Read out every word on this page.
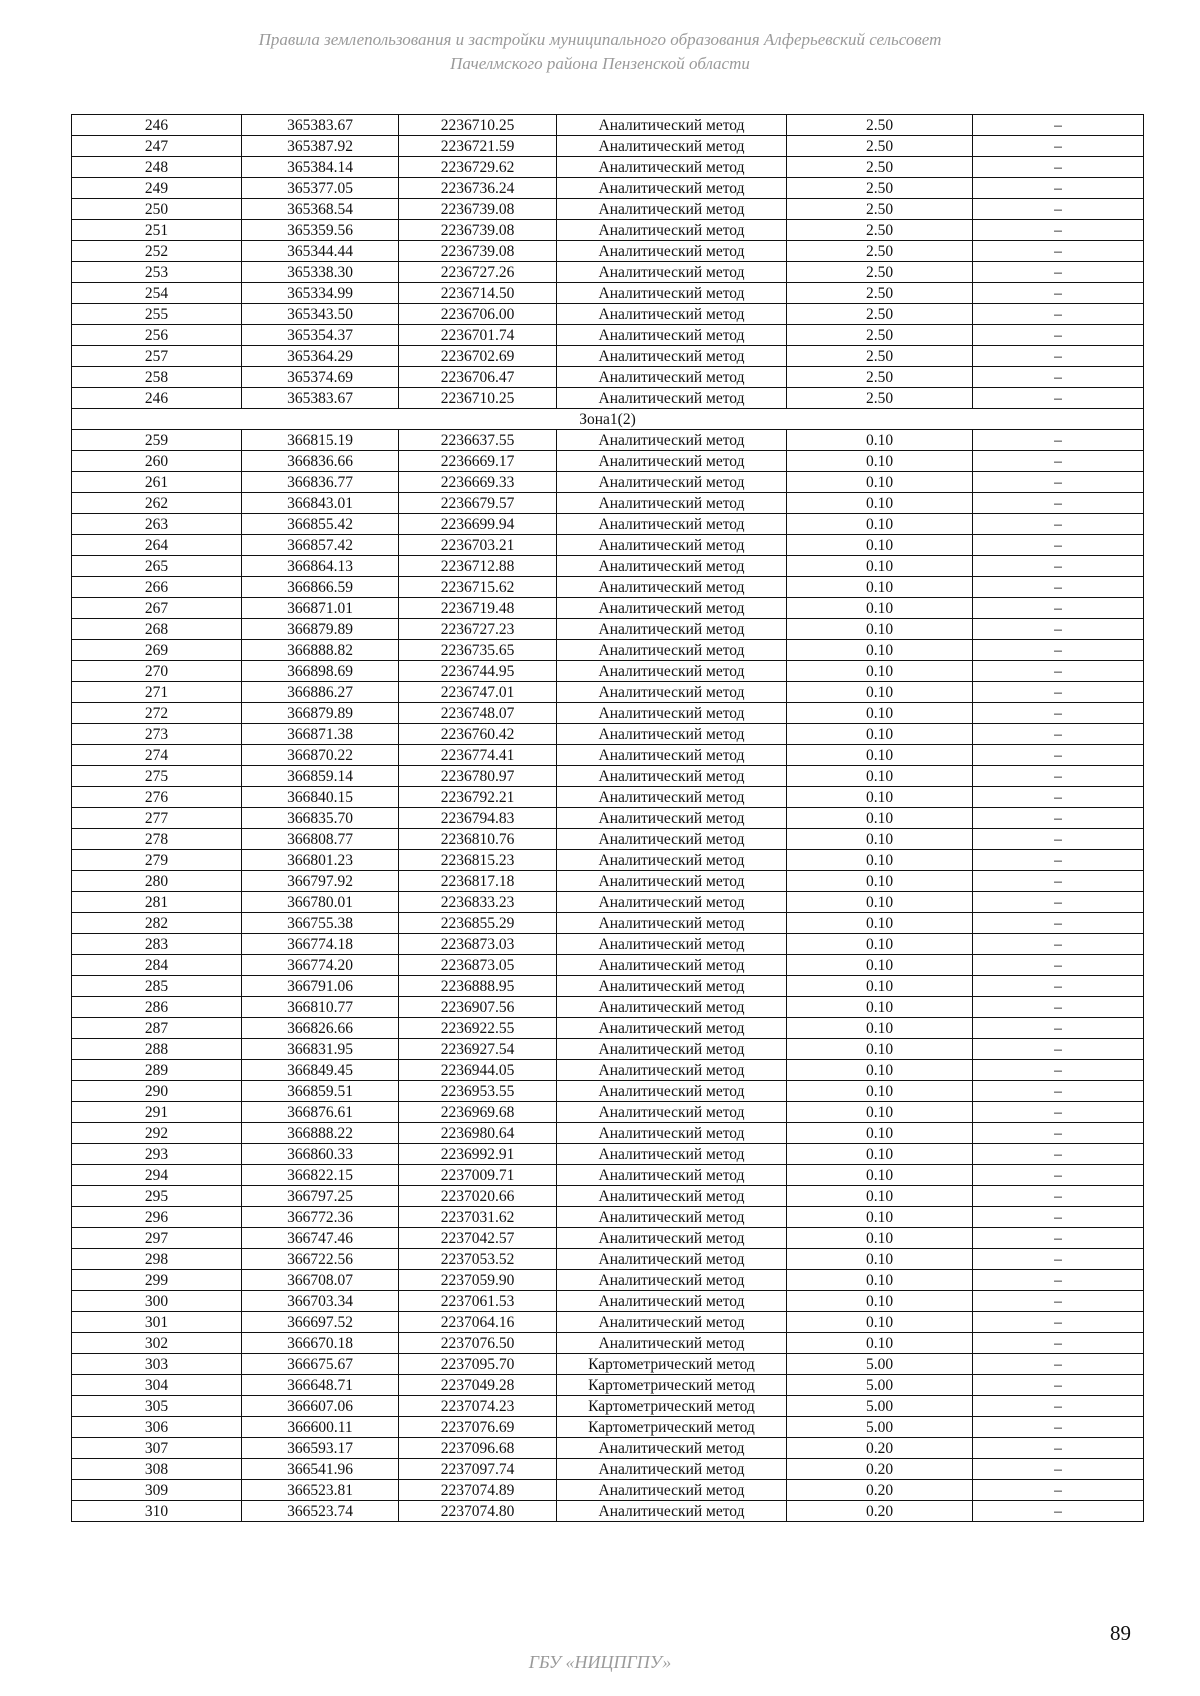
Правила землепользования и застройки муниципального образования Алферьевский сельсовет
Пачелмского района Пензенской области
246	365383.67	2236710.25	Аналитический метод	2.50	–
247	365387.92	2236721.59	Аналитический метод	2.50	–
248	365384.14	2236729.62	Аналитический метод	2.50	–
249	365377.05	2236736.24	Аналитический метод	2.50	–
250	365368.54	2236739.08	Аналитический метод	2.50	–
251	365359.56	2236739.08	Аналитический метод	2.50	–
252	365344.44	2236739.08	Аналитический метод	2.50	–
253	365338.30	2236727.26	Аналитический метод	2.50	–
254	365334.99	2236714.50	Аналитический метод	2.50	–
255	365343.50	2236706.00	Аналитический метод	2.50	–
256	365354.37	2236701.74	Аналитический метод	2.50	–
257	365364.29	2236702.69	Аналитический метод	2.50	–
258	365374.69	2236706.47	Аналитический метод	2.50	–
246	365383.67	2236710.25	Аналитический метод	2.50	–
Зона1(2)					
259	366815.19	2236637.55	Аналитический метод	0.10	–
260	366836.66	2236669.17	Аналитический метод	0.10	–
261	366836.77	2236669.33	Аналитический метод	0.10	–
262	366843.01	2236679.57	Аналитический метод	0.10	–
263	366855.42	2236699.94	Аналитический метод	0.10	–
264	366857.42	2236703.21	Аналитический метод	0.10	–
265	366864.13	2236712.88	Аналитический метод	0.10	–
266	366866.59	2236715.62	Аналитический метод	0.10	–
267	366871.01	2236719.48	Аналитический метод	0.10	–
268	366879.89	2236727.23	Аналитический метод	0.10	–
269	366888.82	2236735.65	Аналитический метод	0.10	–
270	366898.69	2236744.95	Аналитический метод	0.10	–
271	366886.27	2236747.01	Аналитический метод	0.10	–
272	366879.89	2236748.07	Аналитический метод	0.10	–
273	366871.38	2236760.42	Аналитический метод	0.10	–
274	366870.22	2236774.41	Аналитический метод	0.10	–
275	366859.14	2236780.97	Аналитический метод	0.10	–
276	366840.15	2236792.21	Аналитический метод	0.10	–
277	366835.70	2236794.83	Аналитический метод	0.10	–
278	366808.77	2236810.76	Аналитический метод	0.10	–
279	366801.23	2236815.23	Аналитический метод	0.10	–
280	366797.92	2236817.18	Аналитический метод	0.10	–
281	366780.01	2236833.23	Аналитический метод	0.10	–
282	366755.38	2236855.29	Аналитический метод	0.10	–
283	366774.18	2236873.03	Аналитический метод	0.10	–
284	366774.20	2236873.05	Аналитический метод	0.10	–
285	366791.06	2236888.95	Аналитический метод	0.10	–
286	366810.77	2236907.56	Аналитический метод	0.10	–
287	366826.66	2236922.55	Аналитический метод	0.10	–
288	366831.95	2236927.54	Аналитический метод	0.10	–
289	366849.45	2236944.05	Аналитический метод	0.10	–
290	366859.51	2236953.55	Аналитический метод	0.10	–
291	366876.61	2236969.68	Аналитический метод	0.10	–
292	366888.22	2236980.64	Аналитический метод	0.10	–
293	366860.33	2236992.91	Аналитический метод	0.10	–
294	366822.15	2237009.71	Аналитический метод	0.10	–
295	366797.25	2237020.66	Аналитический метод	0.10	–
296	366772.36	2237031.62	Аналитический метод	0.10	–
297	366747.46	2237042.57	Аналитический метод	0.10	–
298	366722.56	2237053.52	Аналитический метод	0.10	–
299	366708.07	2237059.90	Аналитический метод	0.10	–
300	366703.34	2237061.53	Аналитический метод	0.10	–
301	366697.52	2237064.16	Аналитический метод	0.10	–
302	366670.18	2237076.50	Аналитический метод	0.10	–
303	366675.67	2237095.70	Картометрический метод	5.00	–
304	366648.71	2237049.28	Картометрический метод	5.00	–
305	366607.06	2237074.23	Картометрический метод	5.00	–
306	366600.11	2237076.69	Картометрический метод	5.00	–
307	366593.17	2237096.68	Аналитический метод	0.20	–
308	366541.96	2237097.74	Аналитический метод	0.20	–
309	366523.81	2237074.89	Аналитический метод	0.20	–
310	366523.74	2237074.80	Аналитический метод	0.20	–
89
ГБУ «НИЦПГПУ»
